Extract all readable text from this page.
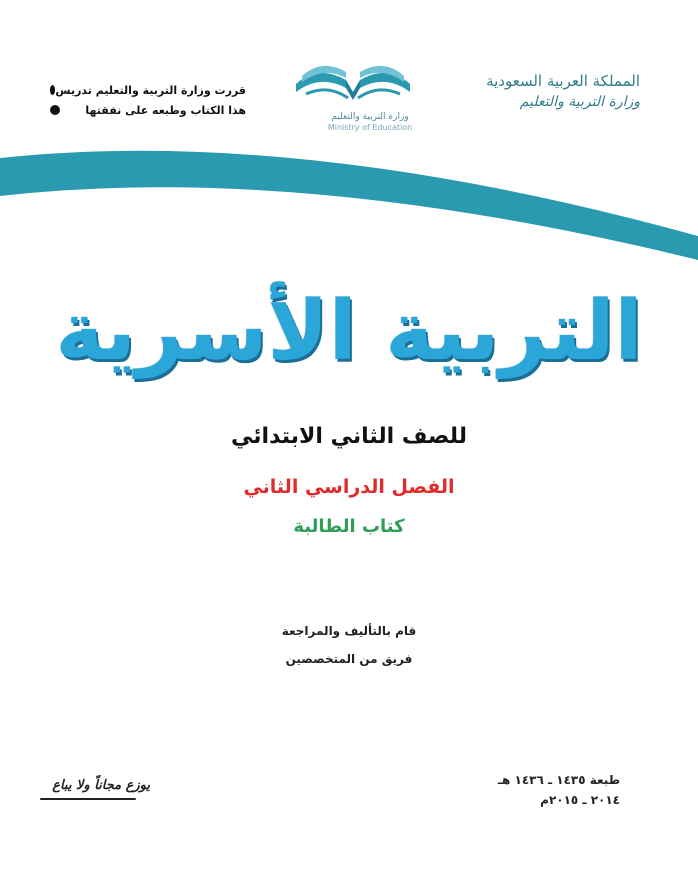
المملكة العربية السعودية
وزارة التربية والتعليم
وزارة التربية والتعليم
Ministry of Education
قررت وزارة التربية والتعليم تدريس
هذا الكتاب وطبعه على نفقتها
التربية الأسرية
للصف الثاني الابتدائي
الفصل الدراسي الثاني
كتاب الطالبة
قام بالتأليف والمراجعة
فريق من المتخصصين
طبعة ١٤٣٥ ـ ١٤٣٦ هـ
٢٠١٤ ـ ٢٠١٥م
يوزع مجاناً ولا يباع
